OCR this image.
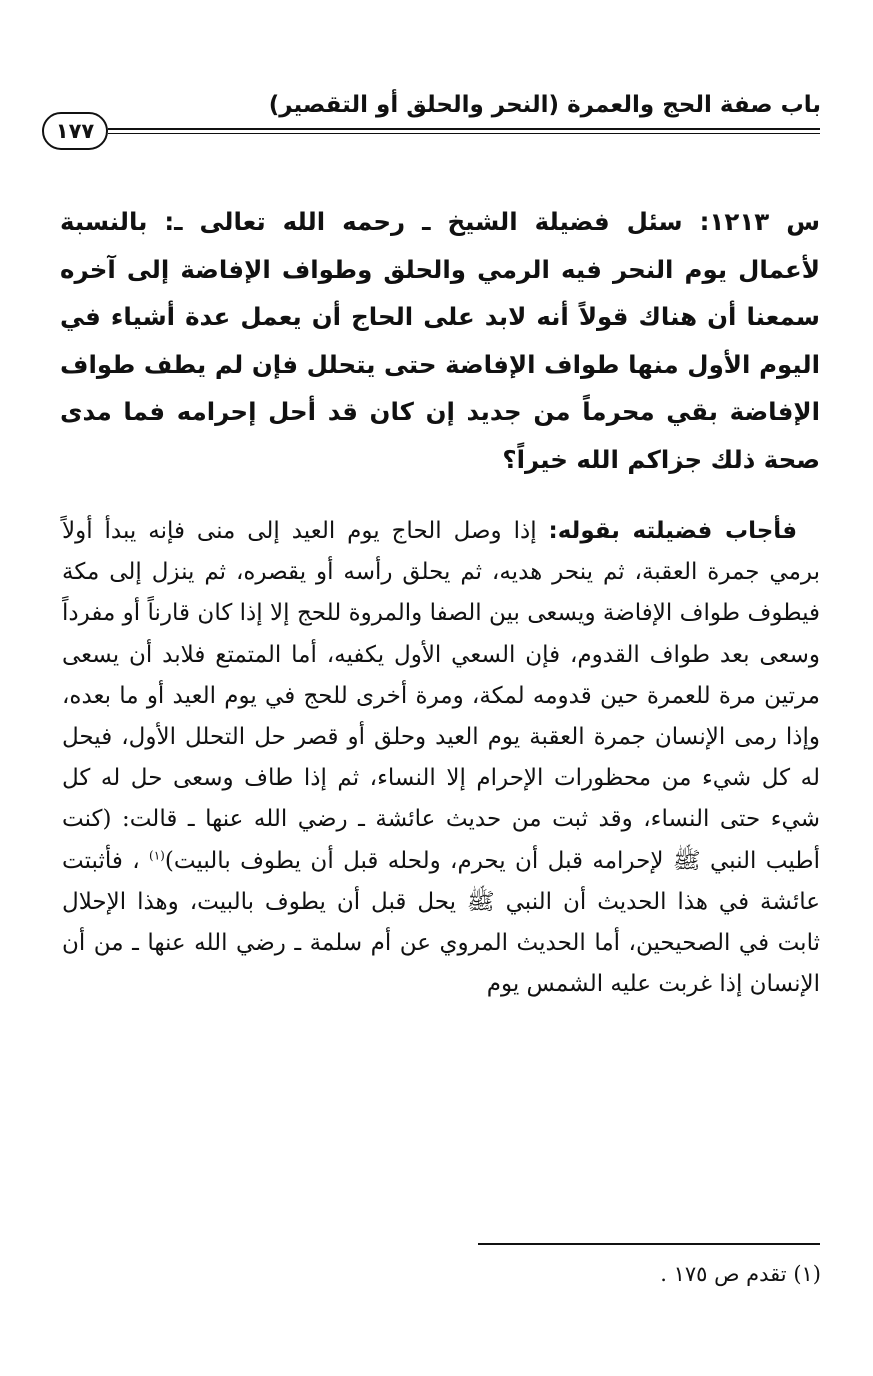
باب صفة الحج والعمرة (النحر والحلق أو التقصير)
١٧٧
س ١٢١٣: سئل فضيلة الشيخ ـ رحمه الله تعالى ـ: بالنسبة لأعمال يوم النحر فيه الرمي والحلق وطواف الإفاضة إلى آخره سمعنا أن هناك قولاً أنه لابد على الحاج أن يعمل عدة أشياء في اليوم الأول منها طواف الإفاضة حتى يتحلل فإن لم يطف طواف الإفاضة بقي محرماً من جديد إن كان قد أحل إحرامه فما مدى صحة ذلك جزاكم الله خيراً؟
 فأجاب فضيلته بقوله: إذا وصل الحاج يوم العيد إلى منى فإنه يبدأ أولاً برمي جمرة العقبة، ثم ينحر هديه، ثم يحلق رأسه أو يقصره، ثم ينزل إلى مكة فيطوف طواف الإفاضة ويسعى بين الصفا والمروة للحج إلا إذا كان قارناً أو مفرداً وسعى بعد طواف القدوم، فإن السعي الأول يكفيه، أما المتمتع فلابد أن يسعى مرتين مرة للعمرة حين قدومه لمكة، ومرة أخرى للحج في يوم العيد أو ما بعده، وإذا رمى الإنسان جمرة العقبة يوم العيد وحلق أو قصر حل التحلل الأول، فيحل له كل شيء من محظورات الإحرام إلا النساء، ثم إذا طاف وسعى حل له كل شيء حتى النساء، وقد ثبت من حديث عائشة ـ رضي الله عنها ـ قالت: (كنت أطيب النبي ﷺ لإحرامه قبل أن يحرم، ولحله قبل أن يطوف بالبيت)$^{(١)}$ ، فأثبتت عائشة في هذا الحديث أن النبي ﷺ يحل قبل أن يطوف بالبيت، وهذا الإحلال ثابت في الصحيحين، أما الحديث المروي عن أم سلمة ـ رضي الله عنها ـ من أن الإنسان إذا غربت عليه الشمس يوم
(١) تقدم ص ١٧٥ .
